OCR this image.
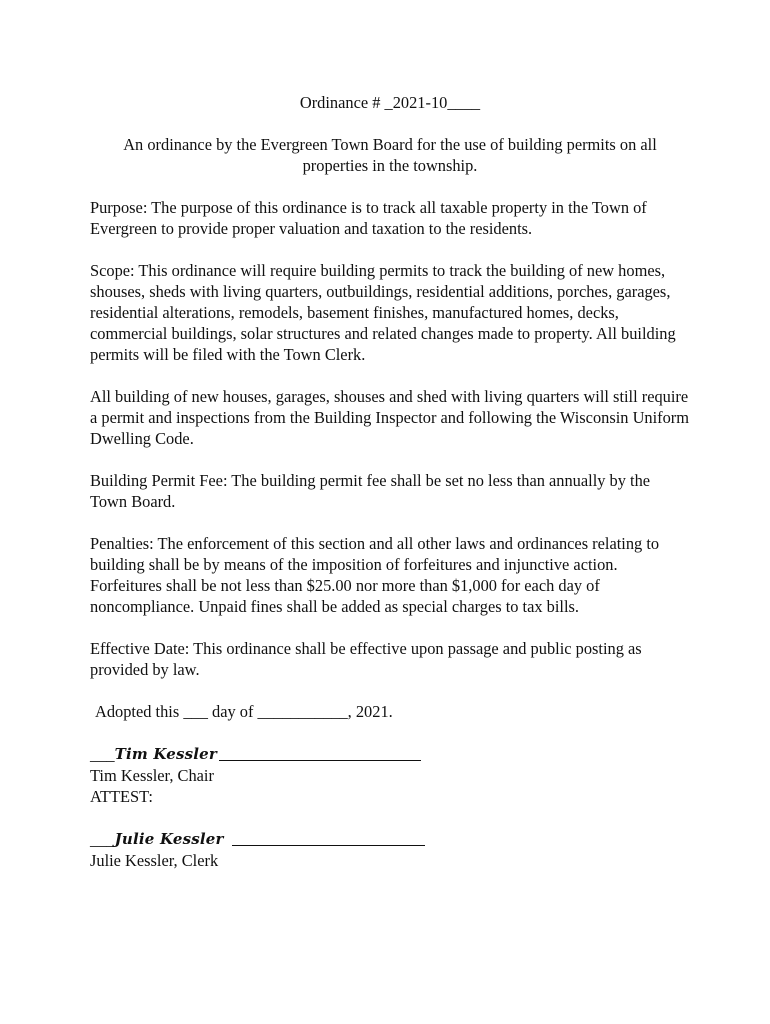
Ordinance # _2021-10____
An ordinance by the Evergreen Town Board for the use of building permits on all properties in the township.

Purpose: The purpose of this ordinance is to track all taxable property in the Town of Evergreen to provide proper valuation and taxation to the residents.

Scope: This ordinance will require building permits to track the building of new homes, shouses, sheds with living quarters, outbuildings, residential additions, porches, garages, residential alterations, remodels, basement finishes, manufactured homes, decks, commercial buildings, solar structures and related changes made to property. All building permits will be filed with the Town Clerk.

All building of new houses, garages, shouses and shed with living quarters will still require a permit and inspections from the Building Inspector and following the Wisconsin Uniform Dwelling Code.

Building Permit Fee: The building permit fee shall be set no less than annually by the Town Board.

Penalties: The enforcement of this section and all other laws and ordinances relating to building shall be by means of the imposition of forfeitures and injunctive action. Forfeitures shall be not less than $25.00 nor more than $1,000 for each day of noncompliance. Unpaid fines shall be added as special charges to tax bills.

Effective Date: This ordinance shall be effective upon passage and public posting as provided by law.

Adopted this ___ day of ___________, 2021.
___ Tim Kessler
Tim Kessler, Chair
ATTEST:
___ Julie Kessler
Julie Kessler, Clerk
